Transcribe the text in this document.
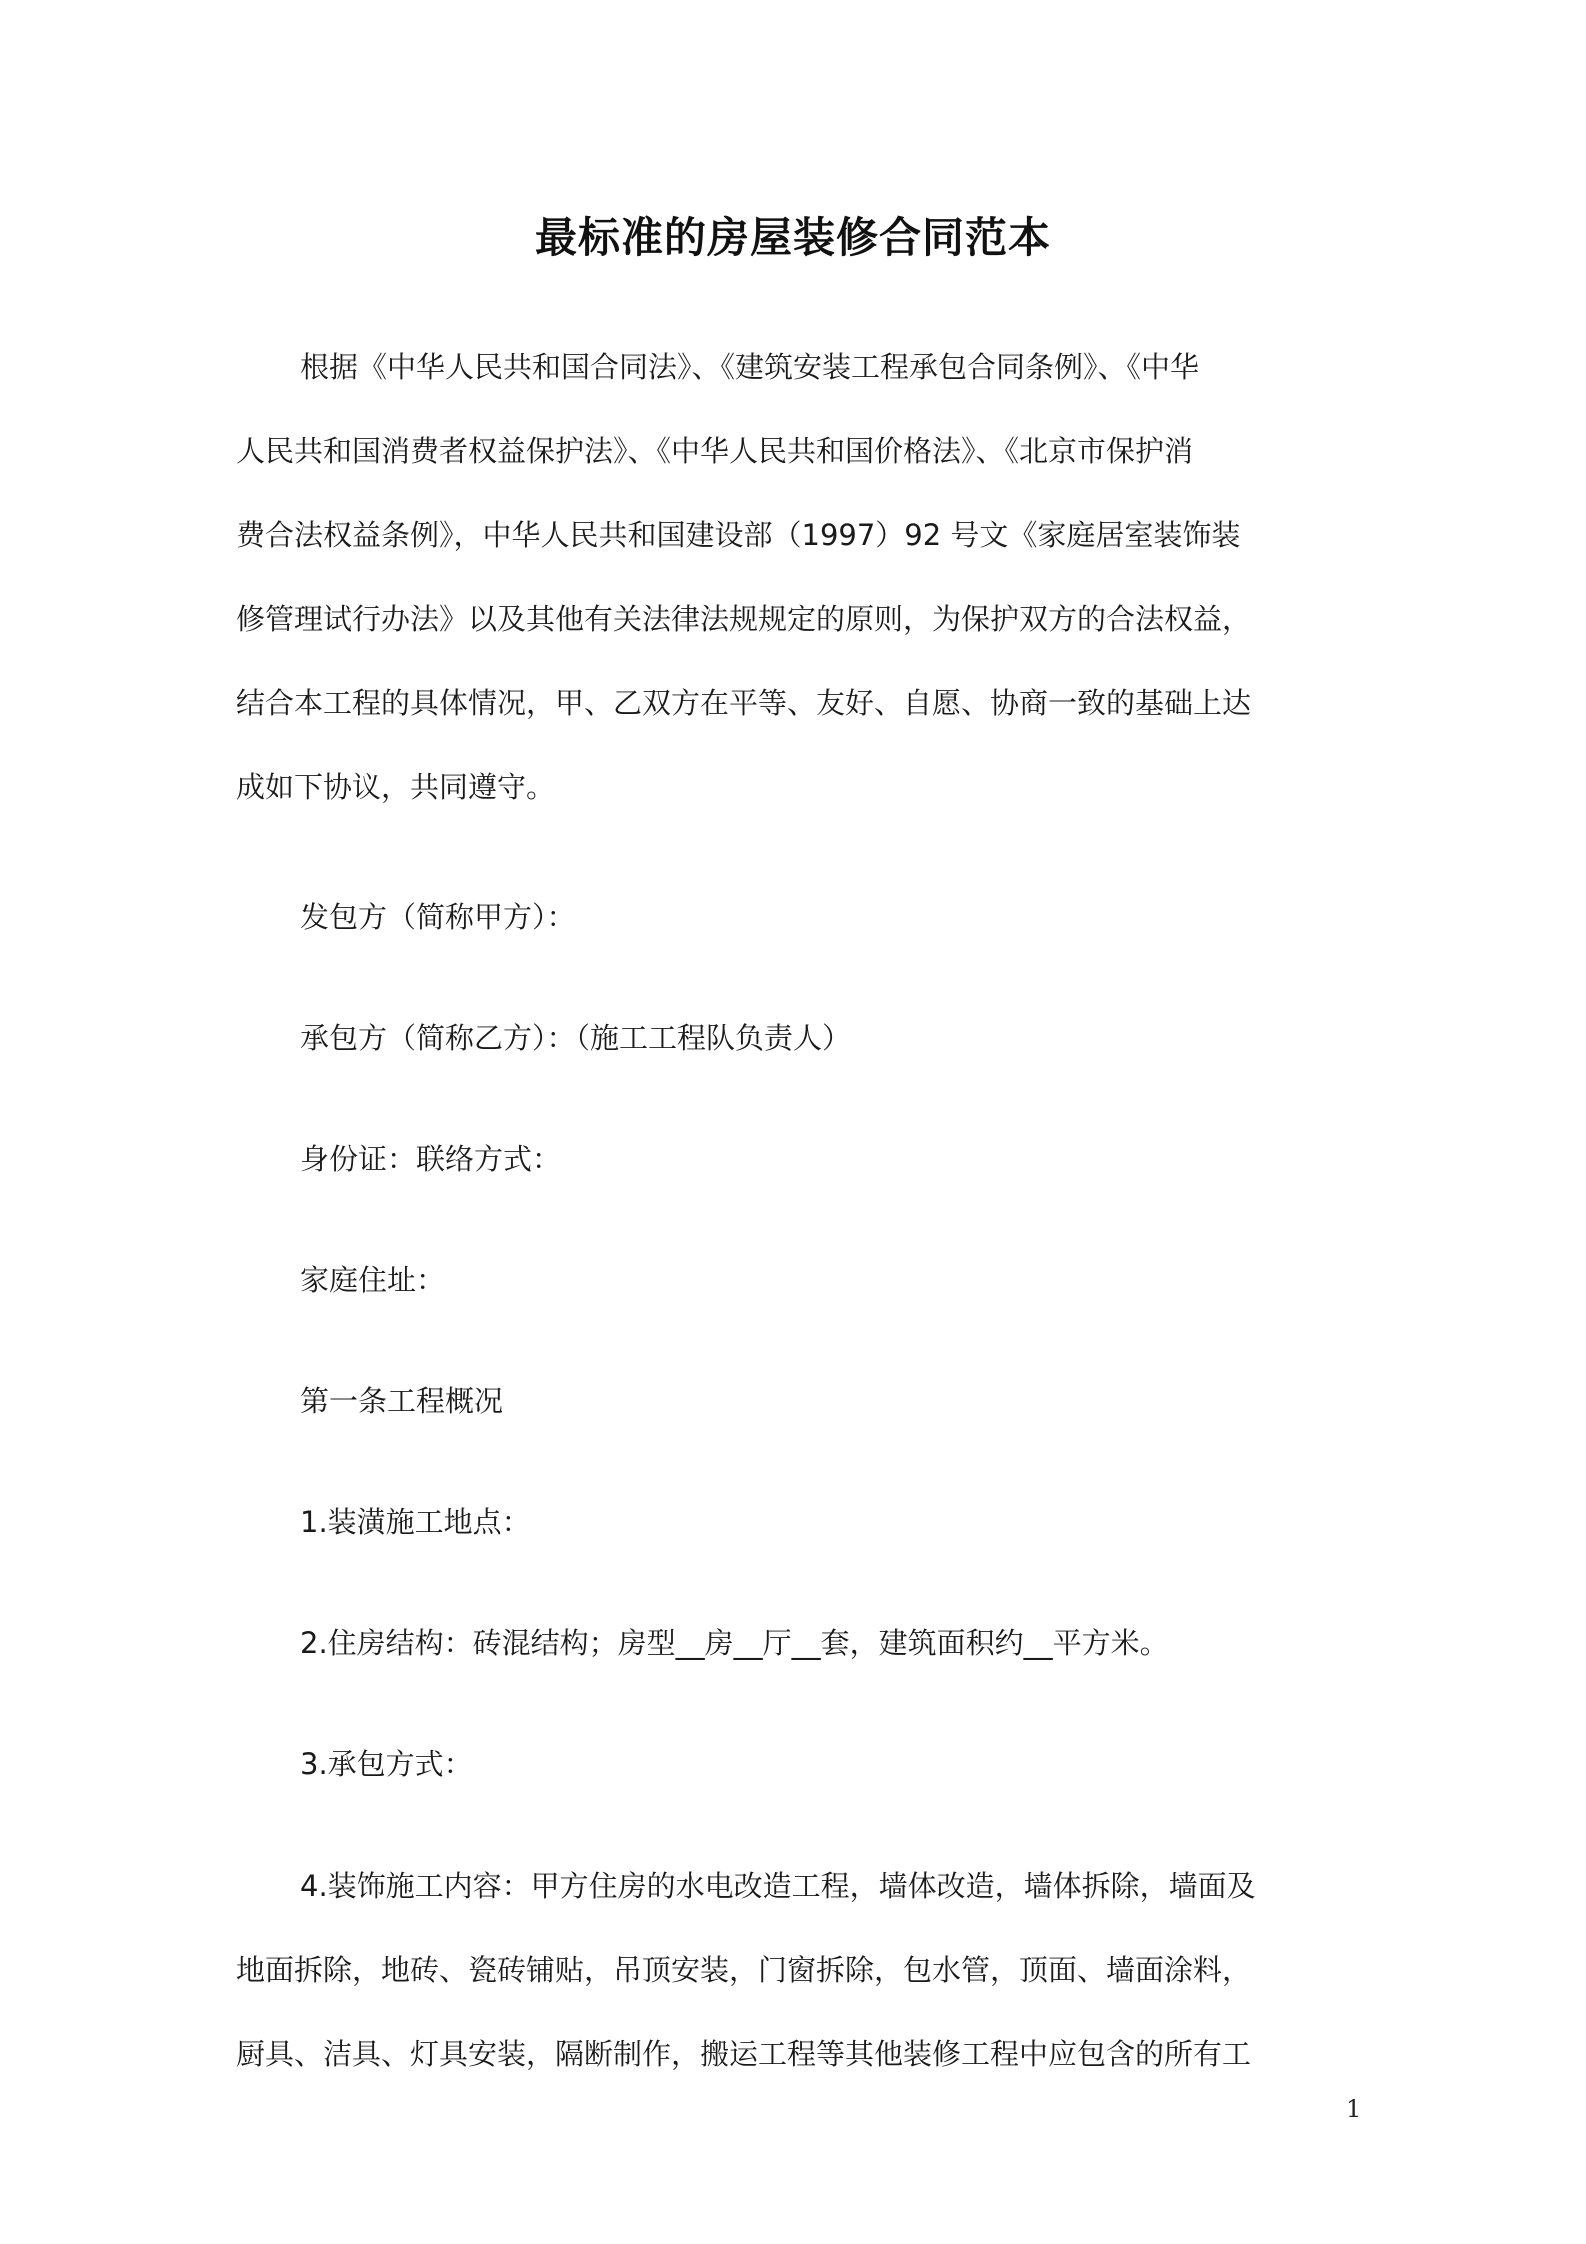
最标准的房屋装修合同范本
根据《中华人民共和国合同法》、《建筑安装工程承包合同条例》、《中华
人民共和国消费者权益保护法》、《中华人民共和国价格法》、《北京市保护消
费合法权益条例》，中华人民共和国建设部（1997）92 号文《家庭居室装饰装
修管理试行办法》以及其他有关法律法规规定的原则，为保护双方的合法权益，
结合本工程的具体情况，甲、乙双方在平等、友好、自愿、协商一致的基础上达
成如下协议，共同遵守。
发包方（简称甲方）：
承包方（简称乙方）：（施工工程队负责人）
身份证：联络方式：
家庭住址：
第一条工程概况
1.装潢施工地点：
2.住房结构：砖混结构；房型__房__厅__套，建筑面积约__平方米。
3.承包方式：
4.装饰施工内容：甲方住房的水电改造工程，墙体改造，墙体拆除，墙面及
地面拆除，地砖、瓷砖铺贴，吊顶安装，门窗拆除，包水管，顶面、墙面涂料，
厨具、洁具、灯具安装，隔断制作，搬运工程等其他装修工程中应包含的所有工
1
